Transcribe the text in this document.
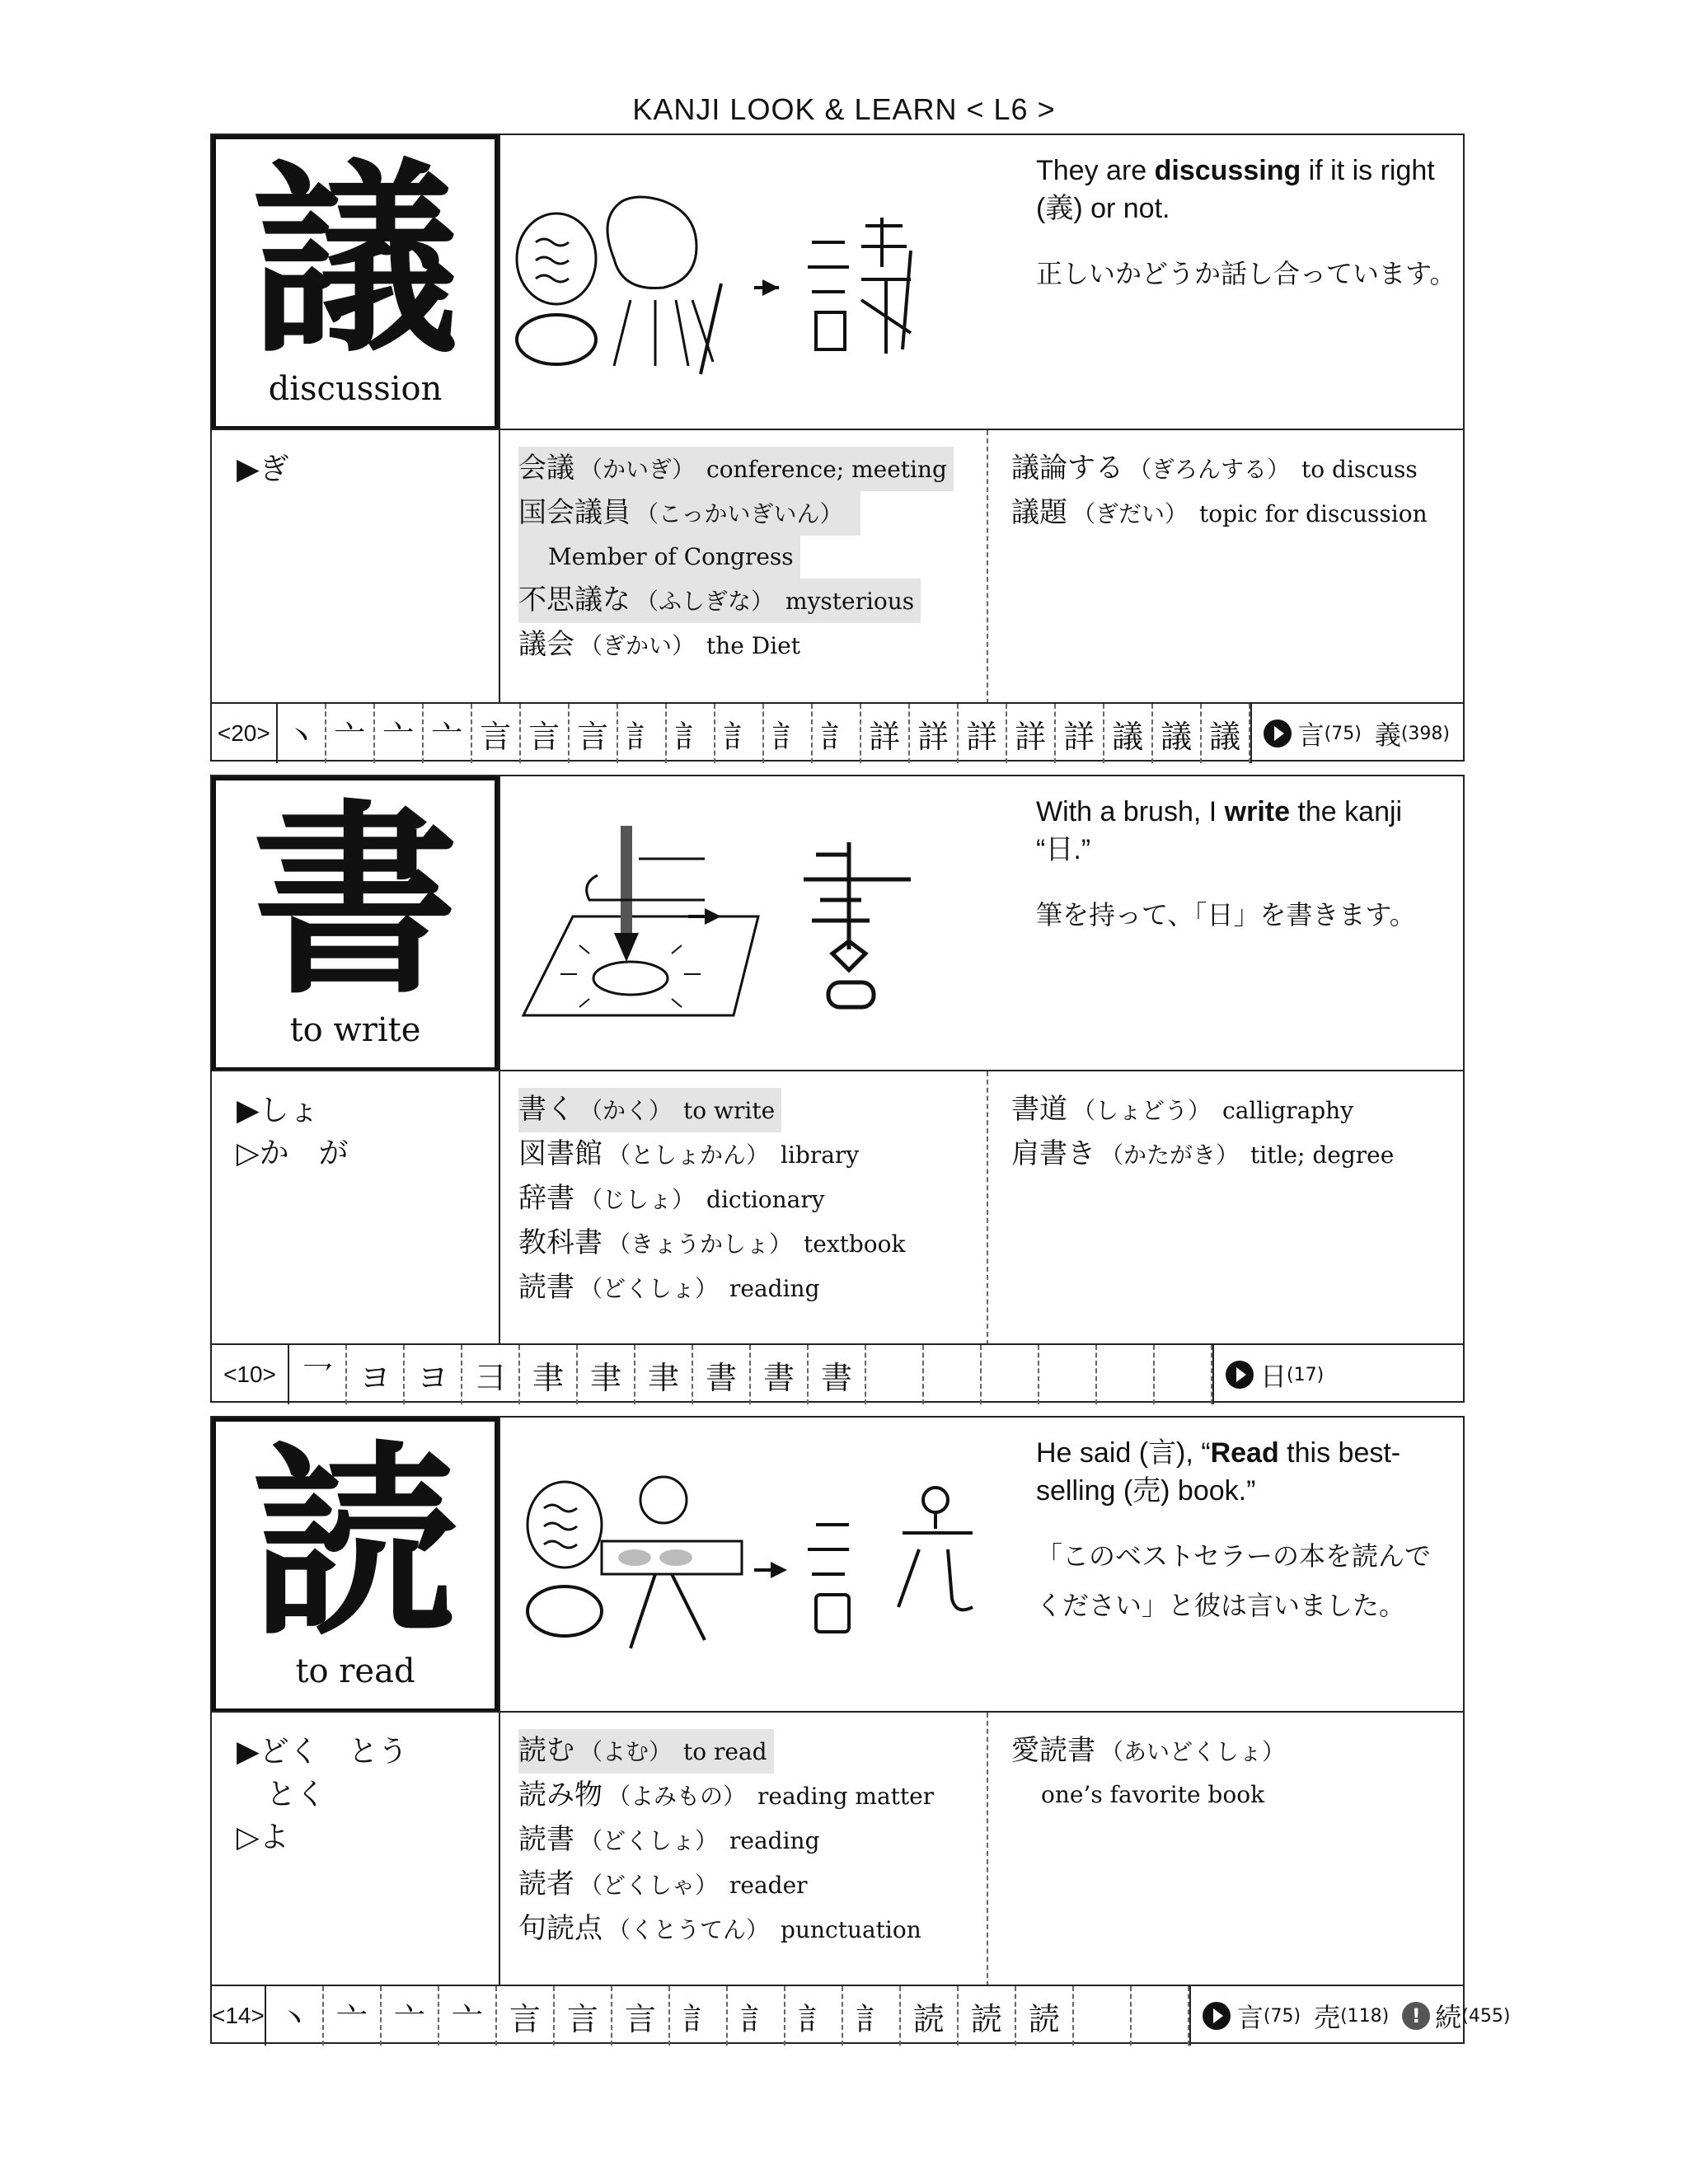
KANJI LOOK & LEARN < L6 >
議
discussion
They are discussing if it is right (義) or not.
正しいかどうか話し合っています。
▶ぎ	会議 （かいぎ） conference; meeting
国会議員 （こっかいぎいん）
Member of Congress
不思議な （ふしぎな） mysterious

議会 （ぎかい） the Diet
議論する （ぎろんする） to discuss
議題 （ぎだい） topic for discussion
<20> 丶 亠 亠 亠 言 言 言 訁 訁 訁 訁 訁 詳 詳 詳 詳 詳 議 議 議	言 (75) 義 (398)
書
to write
With a brush, I write the kanji “日.”
筆を持って、「日」を書きます。
▶しょ
▷か　が
書く （かく） to write

図書館 （としょかん） library
辞書 （じしょ） dictionary
教科書 （きょうかしょ） textbook
読書 （どくしょ） reading
書道 （しょどう） calligraphy
肩書き （かたがき） title; degree
<10> 乛 ヨ ヨ ⺕ 聿 聿 聿 書 書 書	日 (17)
読
to read
He said (言), “Read this best-selling (売) book.”
「このベストセラーの本を読んでください」と彼は言いました。
▶どく　とう
　とく
▷よ
読む （よむ） to read

読み物 （よみもの） reading matter
読書 （どくしょ） reading
読者 （どくしゃ） reader
句読点 （くとうてん） punctuation
愛読書 （あいどくしょ）
one’s favorite book
<14> 丶 亠 亠 亠 言 言 言 訁 訁 訁 訁 読 読 読	言 (75) 売 (118)	! 続 (455)
